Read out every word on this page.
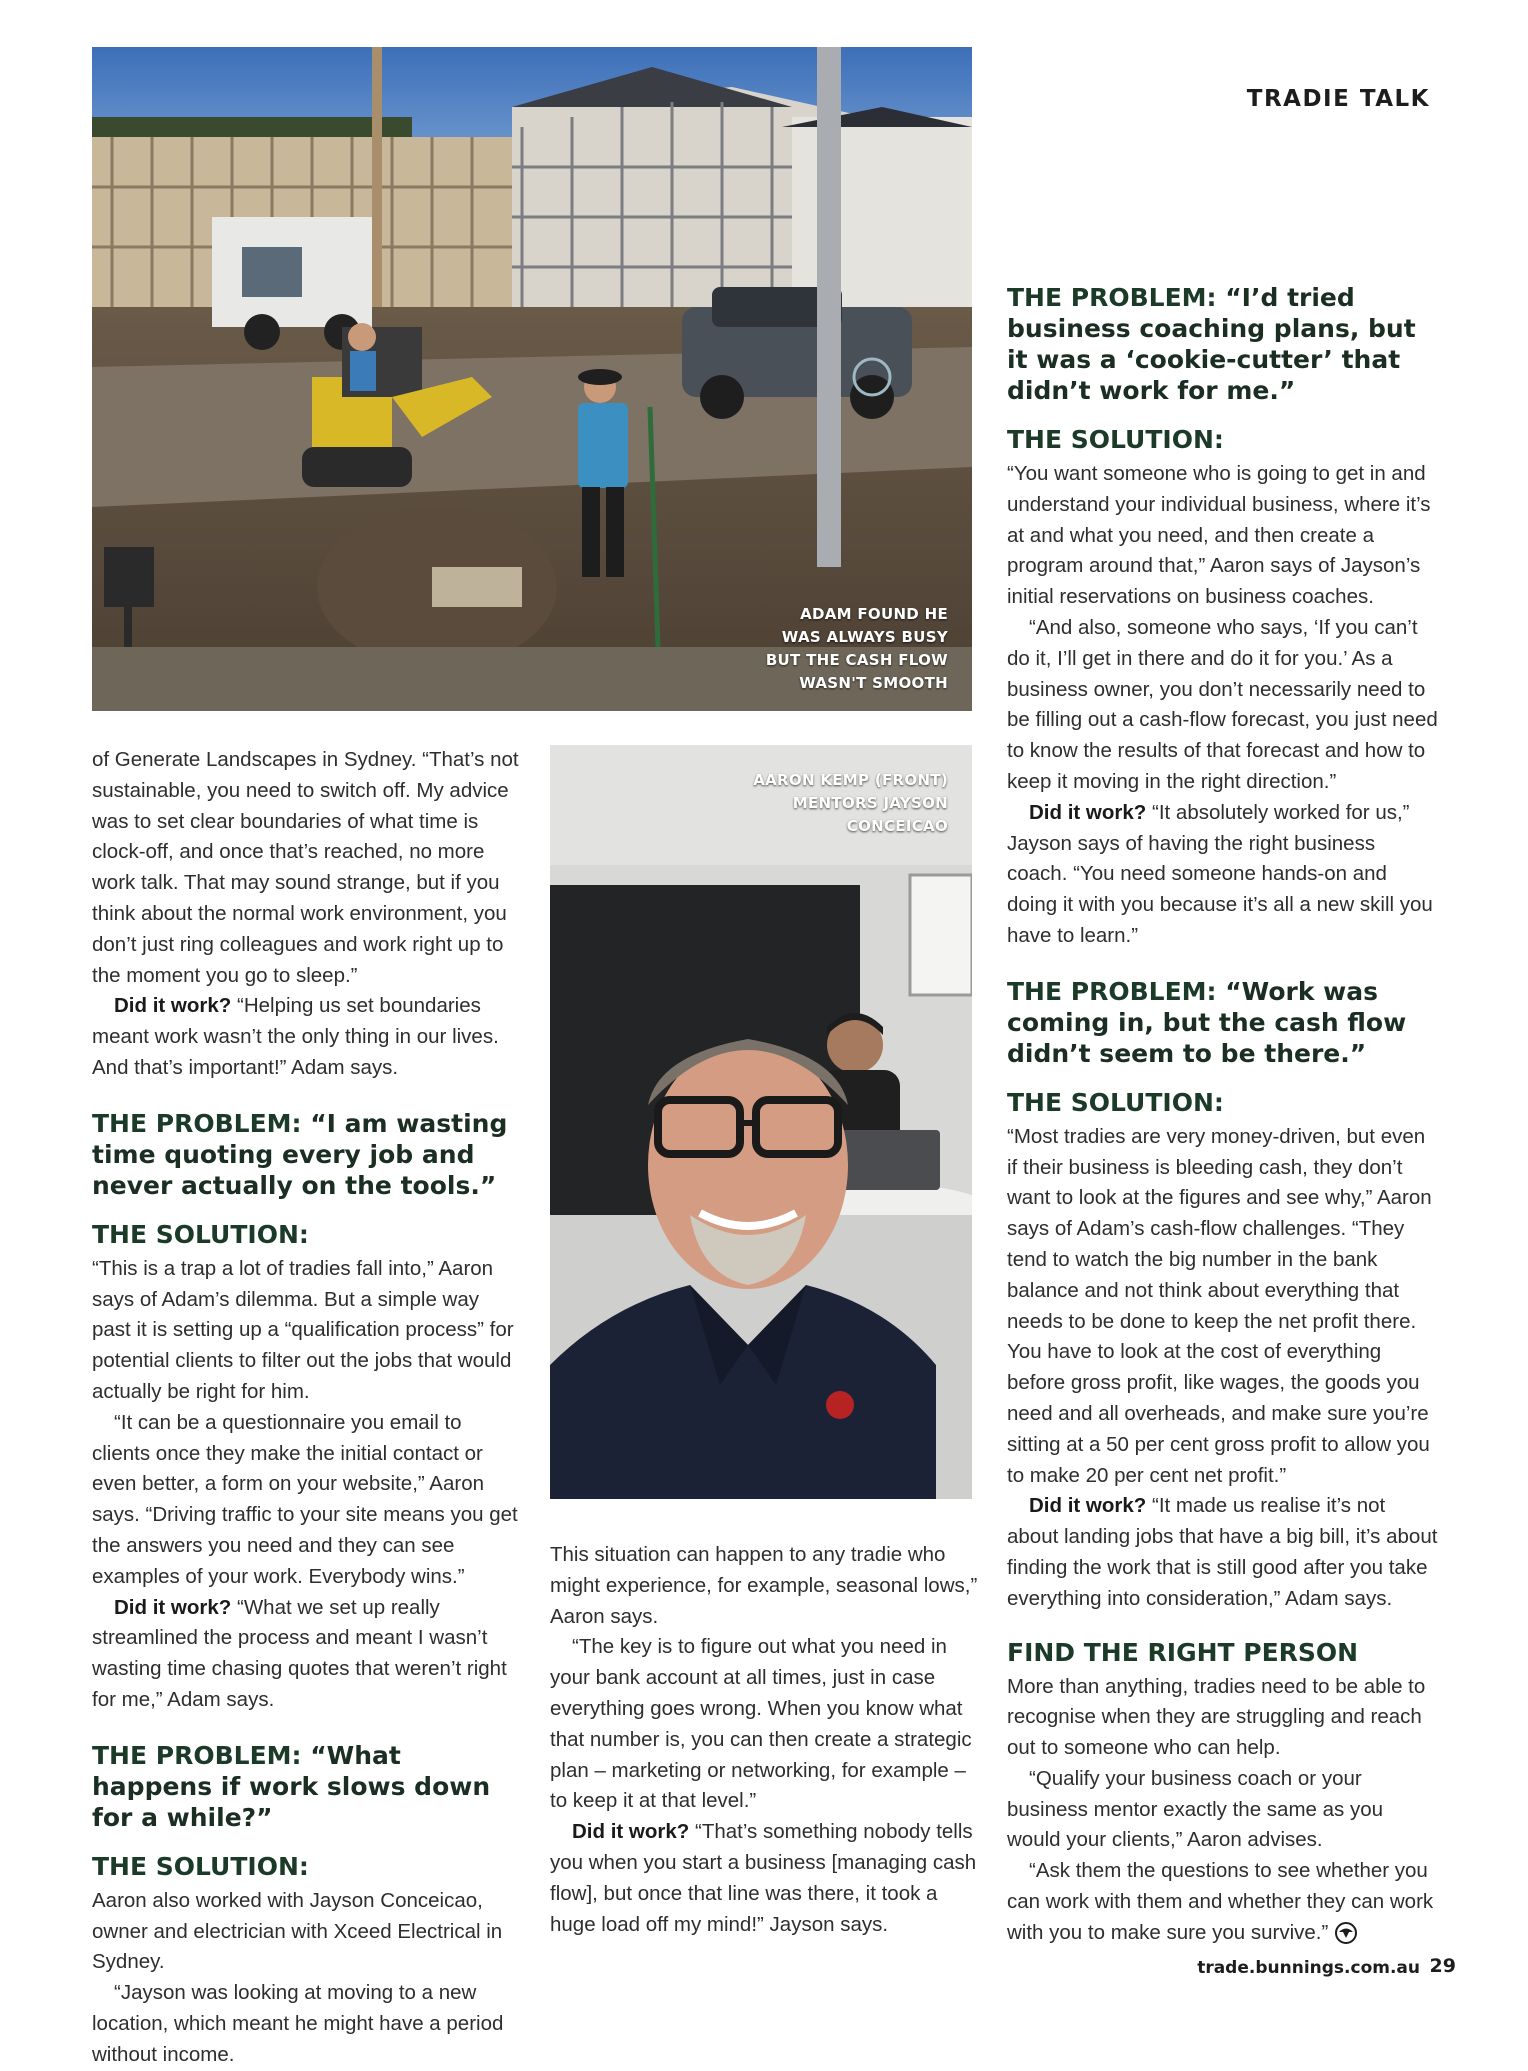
TRADIE TALK
ADAM FOUND HE
WAS ALWAYS BUSY
BUT THE CASH FLOW
WASN'T SMOOTH
AARON KEMP (FRONT)
MENTORS JAYSON
CONCEICAO

of Generate Landscapes in Sydney. “That’s not sustainable, you need to switch off. My advice was to set clear boundaries of what time is clock-off, and once that’s reached, no more work talk. That may sound strange, but if you think about the normal work environment, you don’t just ring colleagues and work right up to the moment you go to sleep.”

Did it work? “Helping us set boundaries meant work wasn’t the only thing in our lives. And that’s important!” Adam says.

THE PROBLEM: “I am wasting time quoting every job and never actually on the tools.”
THE SOLUTION:

“This is a trap a lot of tradies fall into,” Aaron says of Adam’s dilemma. But a simple way past it is setting up a “qualification process” for potential clients to filter out the jobs that would actually be right for him.

“It can be a questionnaire you email to clients once they make the initial contact or even better, a form on your website,” Aaron says. “Driving traffic to your site means you get the answers you need and they can see examples of your work. Everybody wins.”

Did it work? “What we set up really streamlined the process and meant I wasn’t wasting time chasing quotes that weren’t right for me,” Adam says.

THE PROBLEM: “What happens if work slows down for a while?”
THE SOLUTION:

Aaron also worked with Jayson Conceicao, owner and electrician with Xceed Electrical in Sydney.

“Jayson was looking at moving to a new location, which meant he might have a period without income.

This situation can happen to any tradie who might experience, for example, seasonal lows,” Aaron says.

“The key is to figure out what you need in your bank account at all times, just in case everything goes wrong. When you know what that number is, you can then create a strategic plan – marketing or networking, for example – to keep it at that level.”

Did it work? “That’s something nobody tells you when you start a business [managing cash flow], but once that line was there, it took a huge load off my mind!” Jayson says.

THE PROBLEM: “I’d tried business coaching plans, but it was a ‘cookie-cutter’ that didn’t work for me.”
THE SOLUTION:

“You want someone who is going to get in and understand your individual business, where it’s at and what you need, and then create a program around that,” Aaron says of Jayson’s initial reservations on business coaches.

“And also, someone who says, ‘If you can’t do it, I’ll get in there and do it for you.’ As a business owner, you don’t necessarily need to be filling out a cash-flow forecast, you just need to know the results of that forecast and how to keep it moving in the right direction.”

Did it work? “It absolutely worked for us,” Jayson says of having the right business coach. “You need someone hands-on and doing it with you because it’s all a new skill you have to learn.”

THE PROBLEM: “Work was coming in, but the cash flow didn’t seem to be there.”
THE SOLUTION:

“Most tradies are very money-driven, but even if their business is bleeding cash, they don’t want to look at the figures and see why,” Aaron says of Adam’s cash-flow challenges. “They tend to watch the big number in the bank balance and not think about everything that needs to be done to keep the net profit there. You have to look at the cost of everything before gross profit, like wages, the goods you need and all overheads, and make sure you’re sitting at a 50 per cent gross profit to allow you to make 20 per cent net profit.”

Did it work? “It made us realise it’s not about landing jobs that have a big bill, it’s about finding the work that is still good after you take everything into consideration,” Adam says.

FIND THE RIGHT PERSON

More than anything, tradies need to be able to recognise when they are struggling and reach out to someone who can help.

“Qualify your business coach or your business mentor exactly the same as you would your clients,” Aaron advises.

“Ask them the questions to see whether you can work with them and whether they can work with you to make sure you survive.”

trade.bunnings.com.au 29
